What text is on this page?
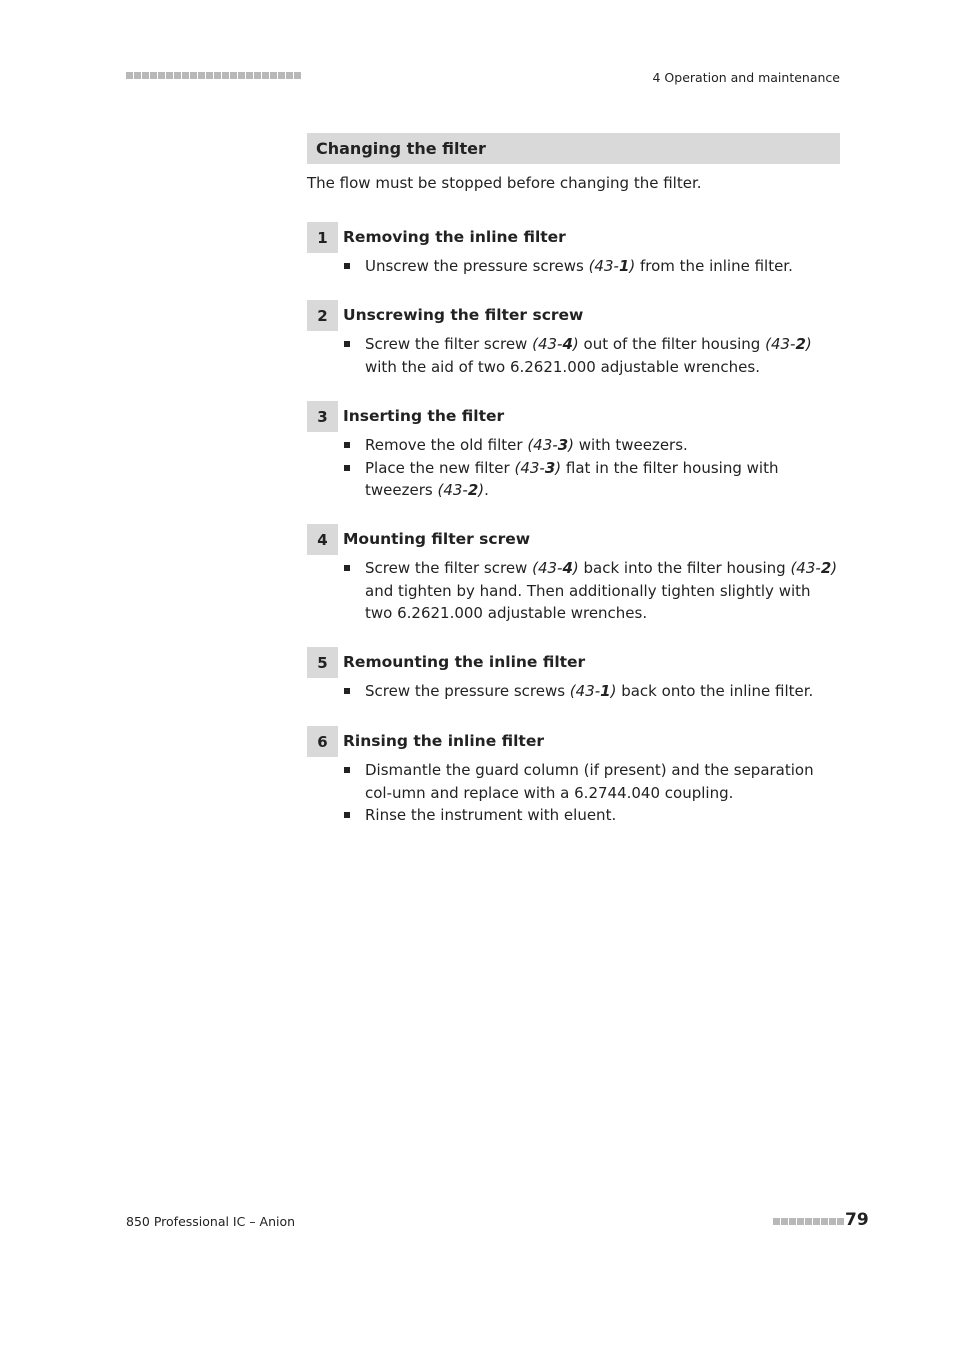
4 Operation and maintenance
Changing the filter
The flow must be stopped before changing the filter.
1 Removing the inline filter
Unscrew the pressure screws (43-1) from the inline filter.
2 Unscrewing the filter screw
Screw the filter screw (43-4) out of the filter housing (43-2) with the aid of two 6.2621.000 adjustable wrenches.
3 Inserting the filter
Remove the old filter (43-3) with tweezers.
Place the new filter (43-3) flat in the filter housing with tweezers (43-2).
4 Mounting filter screw
Screw the filter screw (43-4) back into the filter housing (43-2) and tighten by hand. Then additionally tighten slightly with two 6.2621.000 adjustable wrenches.
5 Remounting the inline filter
Screw the pressure screws (43-1) back onto the inline filter.
6 Rinsing the inline filter
Dismantle the guard column (if present) and the separation col-umn and replace with a 6.2744.040 coupling.
Rinse the instrument with eluent.
850 Professional IC – Anion	79
